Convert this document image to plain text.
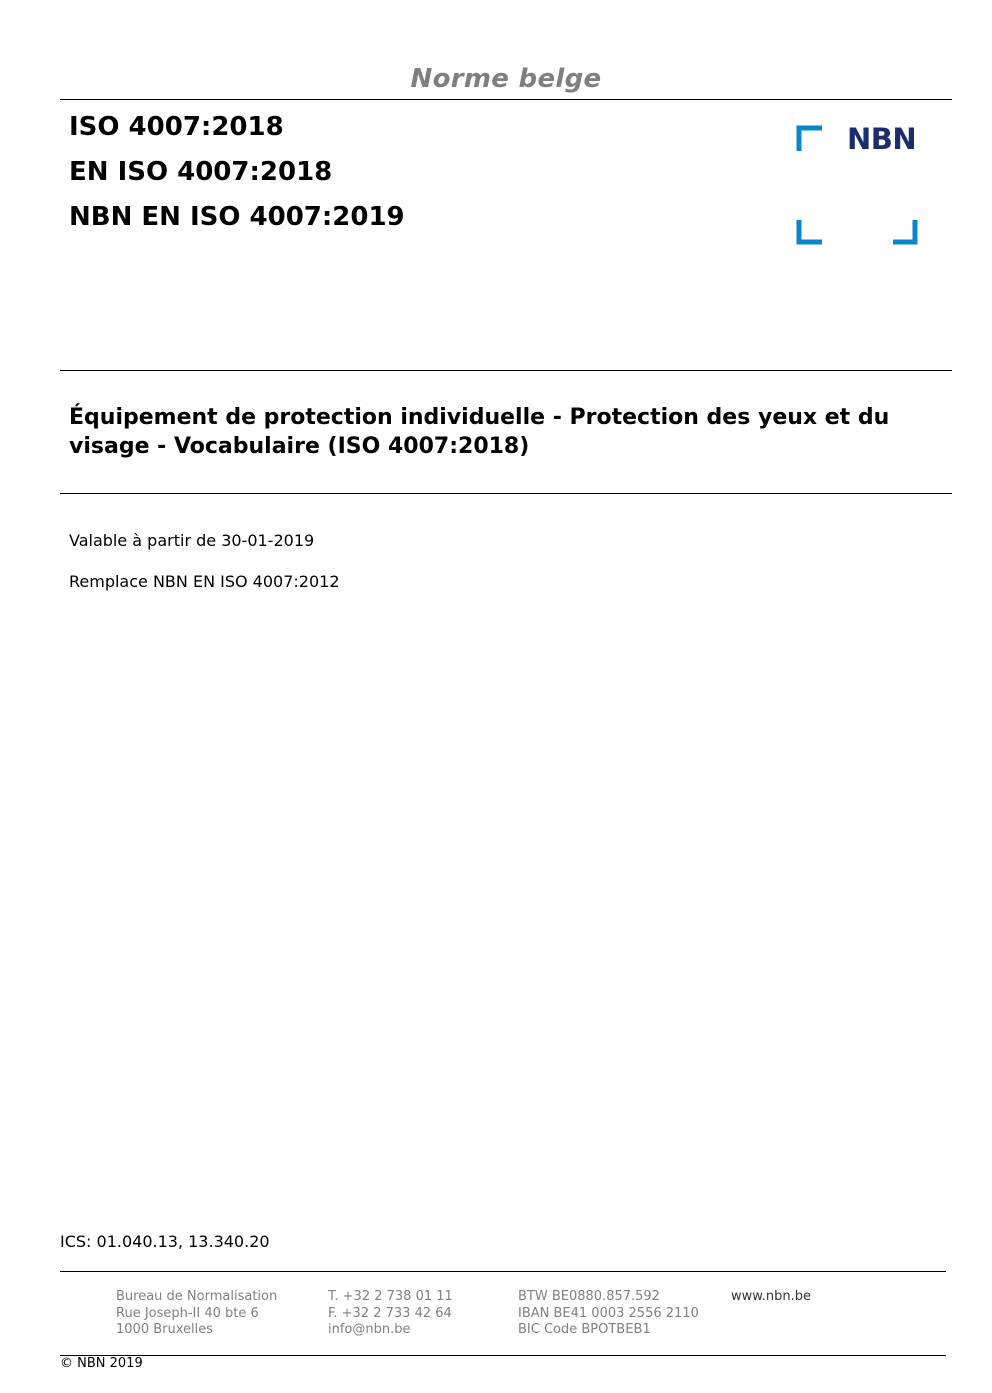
Norme belge
ISO 4007:2018
EN ISO 4007:2018
NBN EN ISO 4007:2019
NBN
Équipement de protection individuelle - Protection des yeux et du visage - Vocabulaire (ISO 4007:2018)
Valable à partir de 30-01-2019
Remplace NBN EN ISO 4007:2012
ICS: 01.040.13, 13.340.20
Bureau de Normalisation
Rue Joseph-II 40 bte 6
1000 Bruxelles
T. +32 2 738 01 11
F. +32 2 733 42 64
info@nbn.be
BTW BE0880.857.592
IBAN BE41 0003 2556 2110
BIC Code BPOTBEB1
www.nbn.be
© NBN 2019
